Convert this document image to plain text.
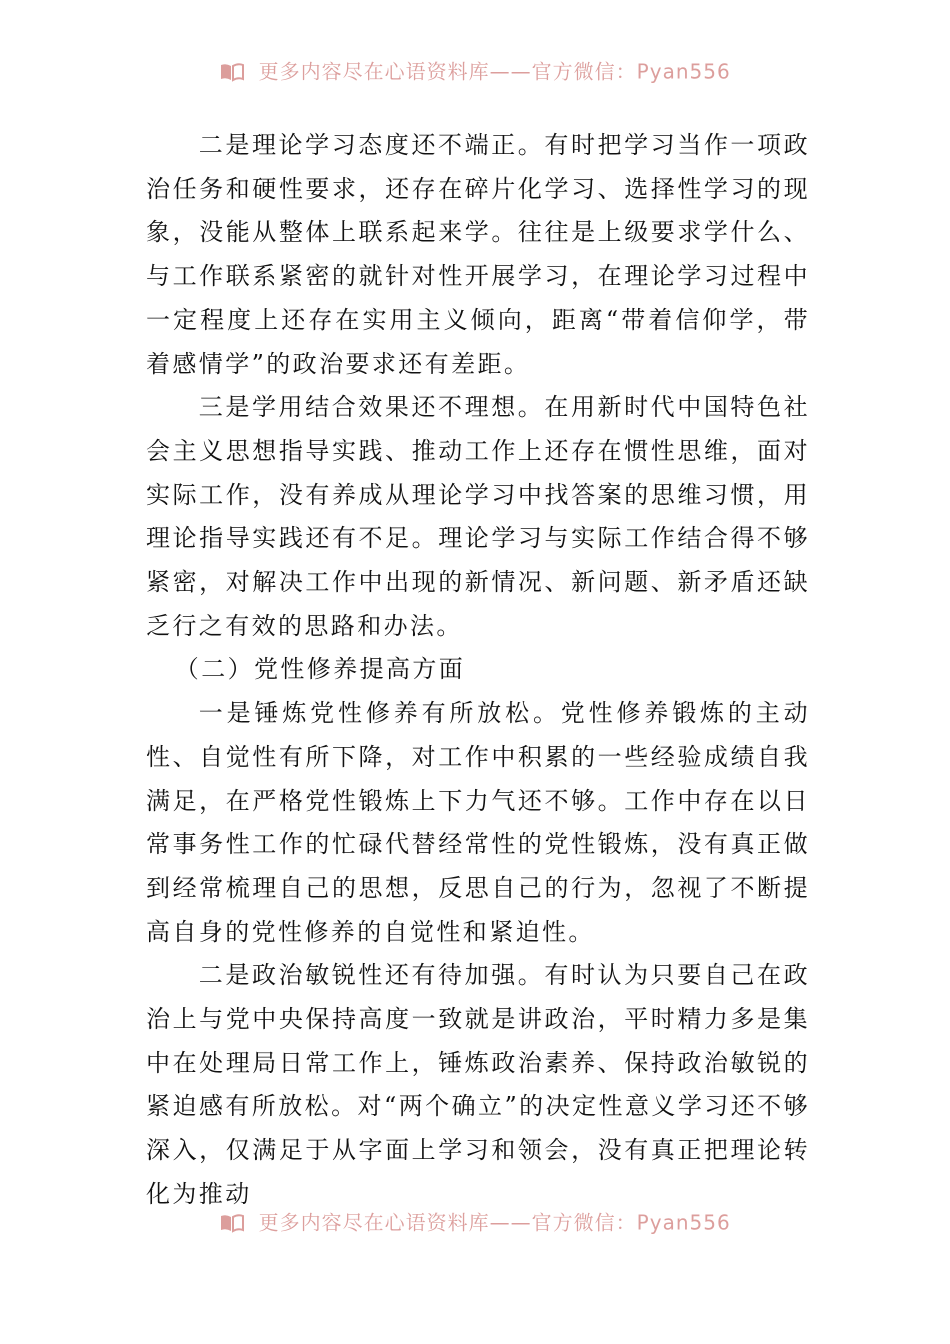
更多内容尽在心语资料库——官方微信：Pyan556

二是理论学习态度还不端正。有时把学习当作一项政治任务和硬性要求，还存在碎片化学习、选择性学习的现象，没能从整体上联系起来学。往往是上级要求学什么、与工作联系紧密的就针对性开展学习，在理论学习过程中一定程度上还存在实用主义倾向，距离“带着信仰学，带着感情学”的政治要求还有差距。

三是学用结合效果还不理想。在用新时代中国特色社会主义思想指导实践、推动工作上还存在惯性思维，面对实际工作，没有养成从理论学习中找答案的思维习惯，用理论指导实践还有不足。理论学习与实际工作结合得不够紧密，对解决工作中出现的新情况、新问题、新矛盾还缺乏行之有效的思路和办法。

（二）党性修养提高方面

一是锤炼党性修养有所放松。党性修养锻炼的主动性、自觉性有所下降，对工作中积累的一些经验成绩自我满足，在严格党性锻炼上下力气还不够。工作中存在以日常事务性工作的忙碌代替经常性的党性锻炼，没有真正做到经常梳理自己的思想，反思自己的行为，忽视了不断提高自身的党性修养的自觉性和紧迫性。

二是政治敏锐性还有待加强。有时认为只要自己在政治上与党中央保持高度一致就是讲政治，平时精力多是集中在处理局日常工作上，锤炼政治素养、保持政治敏锐的紧迫感有所放松。对“两个确立”的决定性意义学习还不够深入，仅满足于从字面上学习和领会，没有真正把理论转化为推动

更多内容尽在心语资料库——官方微信：Pyan556
